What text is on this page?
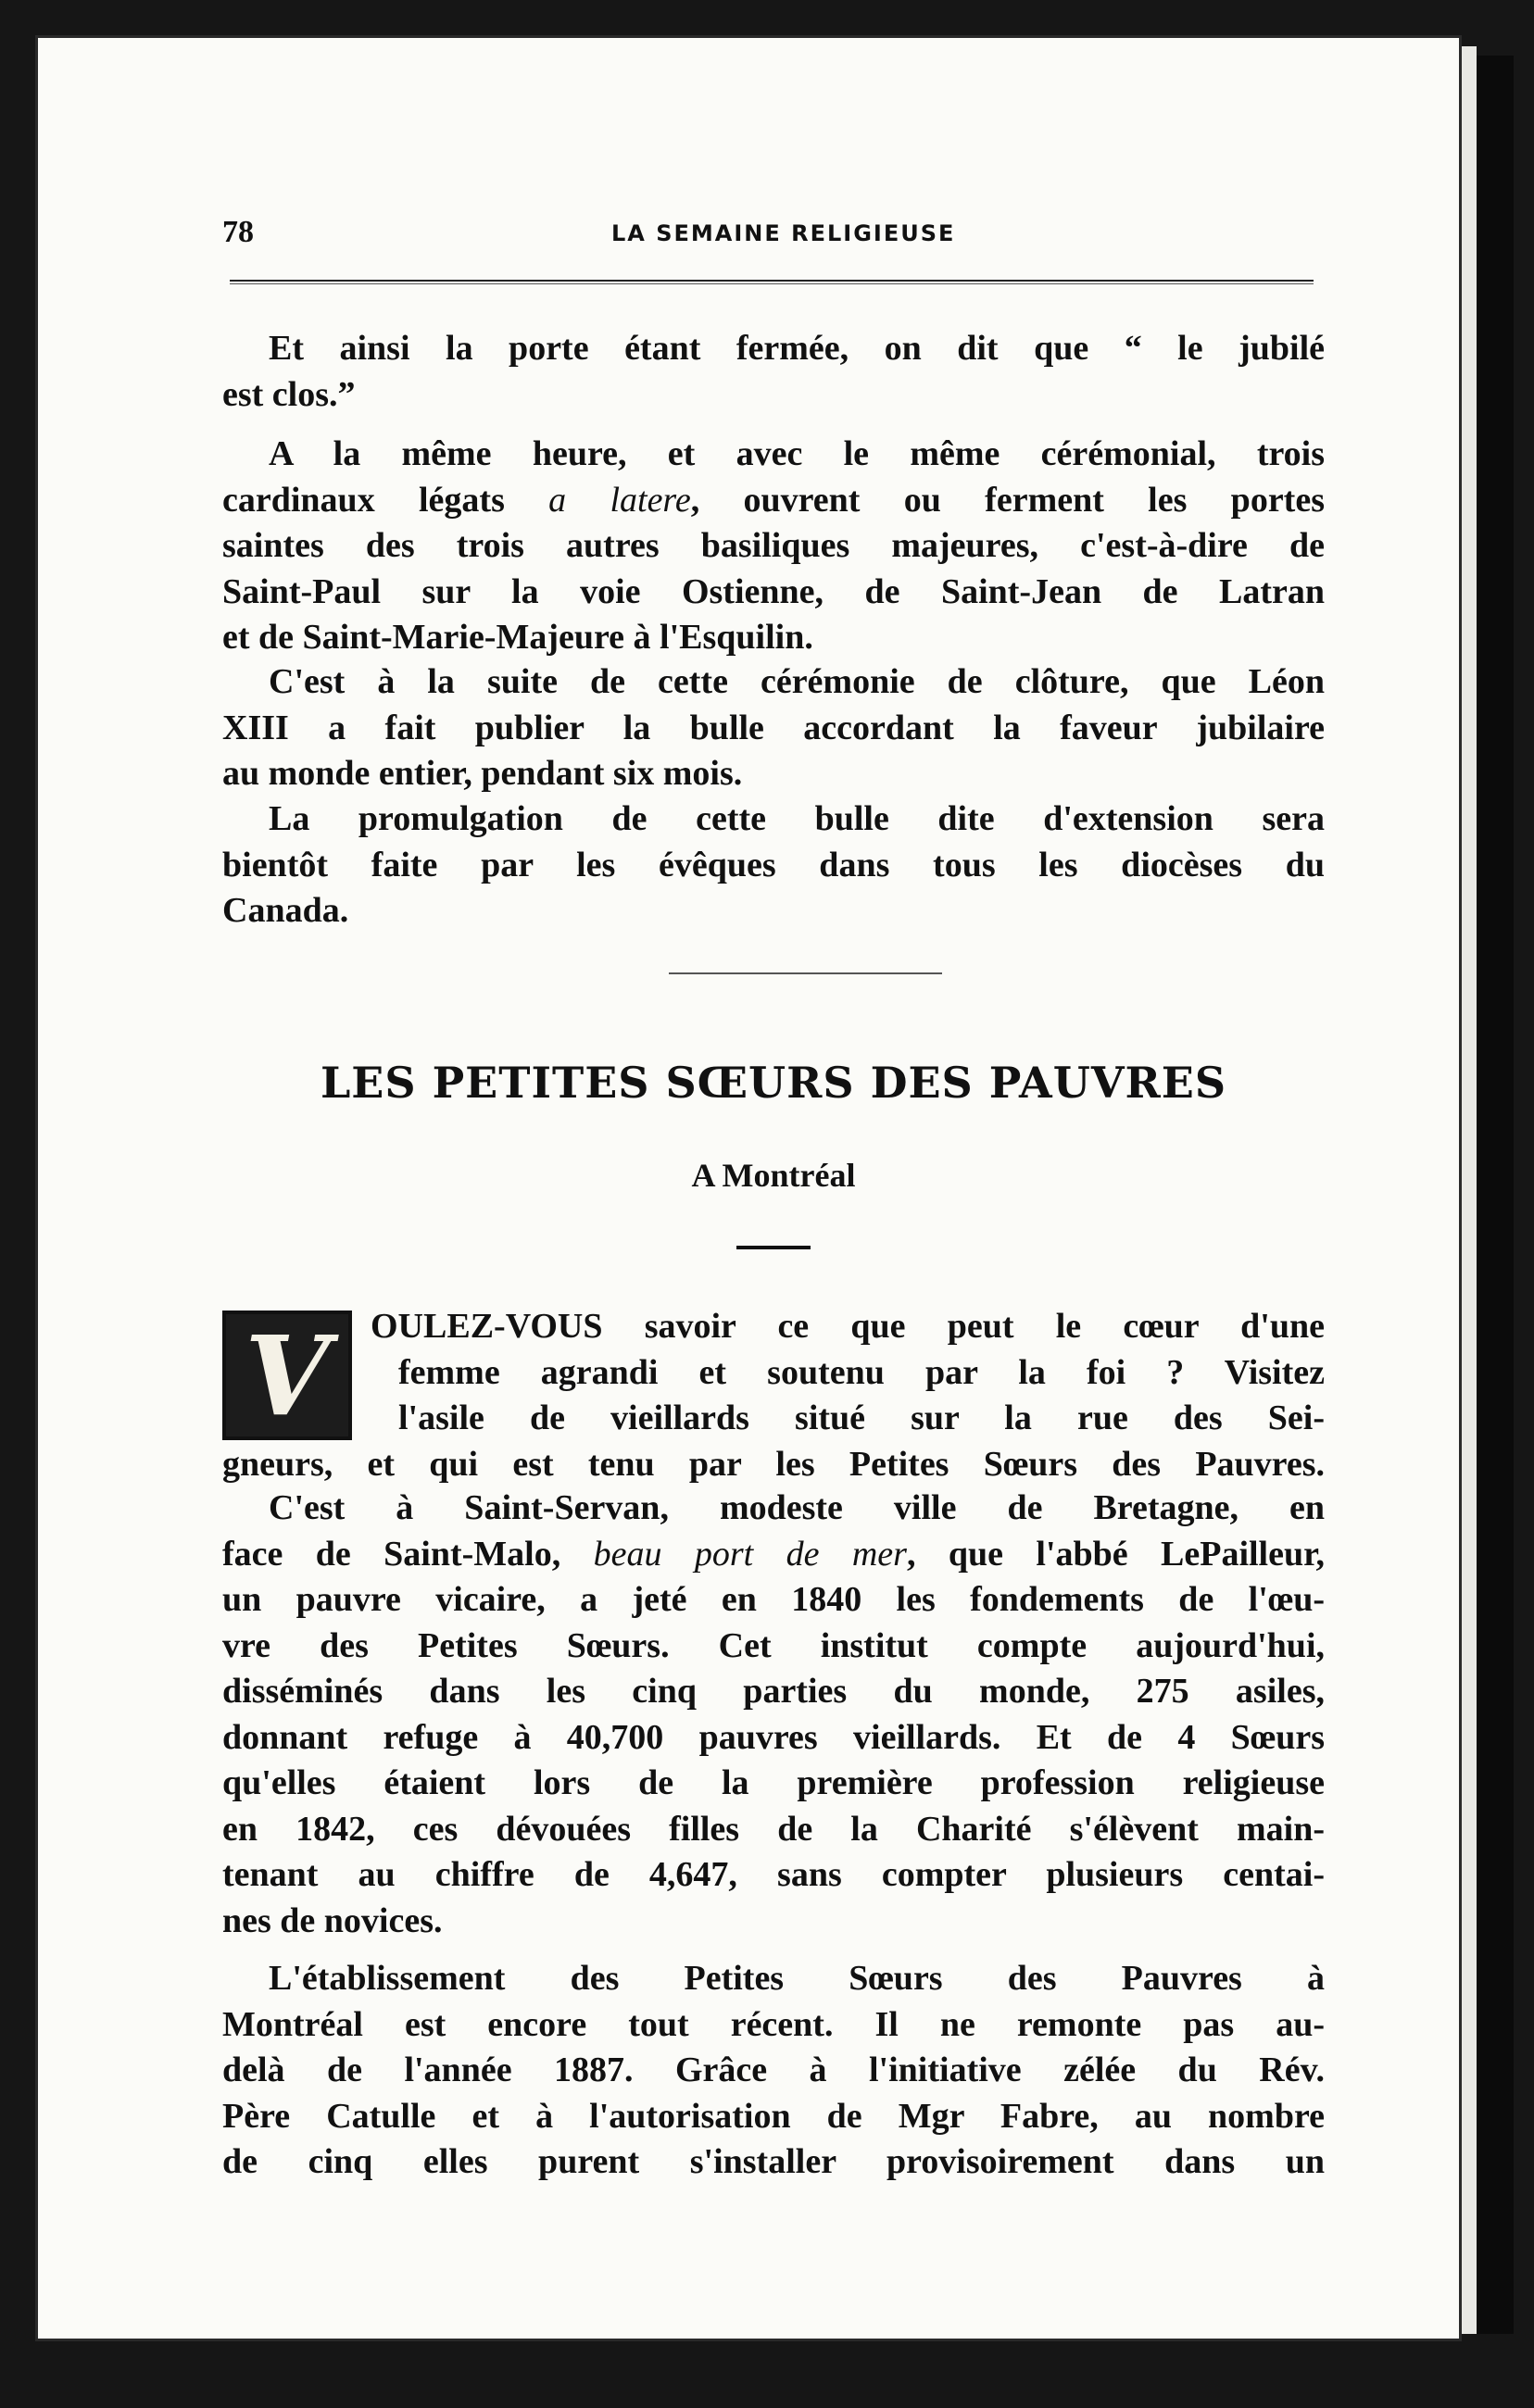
78	LA SEMAINE RELIGIEUSE
Et ainsi la porte étant fermée, on dit que “ le jubilé
est clos.”
A la même heure, et avec le même cérémonial, trois
cardinaux légats a latere, ouvrent ou ferment les portes
saintes des trois autres basiliques majeures, c'est-à-dire de
Saint-Paul sur la voie Ostienne, de Saint-Jean de Latran
et de Saint-Marie-Majeure à l'Esquilin.
C'est à la suite de cette cérémonie de clôture, que Léon
XIII a fait publier la bulle accordant la faveur jubilaire
au monde entier, pendant six mois.
La promulgation de cette bulle dite d'extension sera
bientôt faite par les évêques dans tous les diocèses du
Canada.
LES PETITES SŒURS DES PAUVRES
A Montréal
V	OULEZ-VOUS savoir ce que peut le cœur d'une
femme agrandi et soutenu par la foi ? Visitez
l'asile de vieillards situé sur la rue des Sei-
gneurs, et qui est tenu par les Petites Sœurs des Pauvres.
C'est à Saint-Servan, modeste ville de Bretagne, en
face de Saint-Malo, beau port de mer, que l'abbé LePailleur,
un pauvre vicaire, a jeté en 1840 les fondements de l'œu-
vre des Petites Sœurs. Cet institut compte aujourd'hui,
disséminés dans les cinq parties du monde, 275 asiles,
donnant refuge à 40,700 pauvres vieillards. Et de 4 Sœurs
qu'elles étaient lors de la première profession religieuse
en 1842, ces dévouées filles de la Charité s'élèvent main-
tenant au chiffre de 4,647, sans compter plusieurs centai-
nes de novices.
L'établissement des Petites Sœurs des Pauvres à
Montréal est encore tout récent. Il ne remonte pas au-
delà de l'année 1887. Grâce à l'initiative zélée du Rév.
Père Catulle et à l'autorisation de Mgr Fabre, au nombre
de cinq elles purent s'installer provisoirement dans un
